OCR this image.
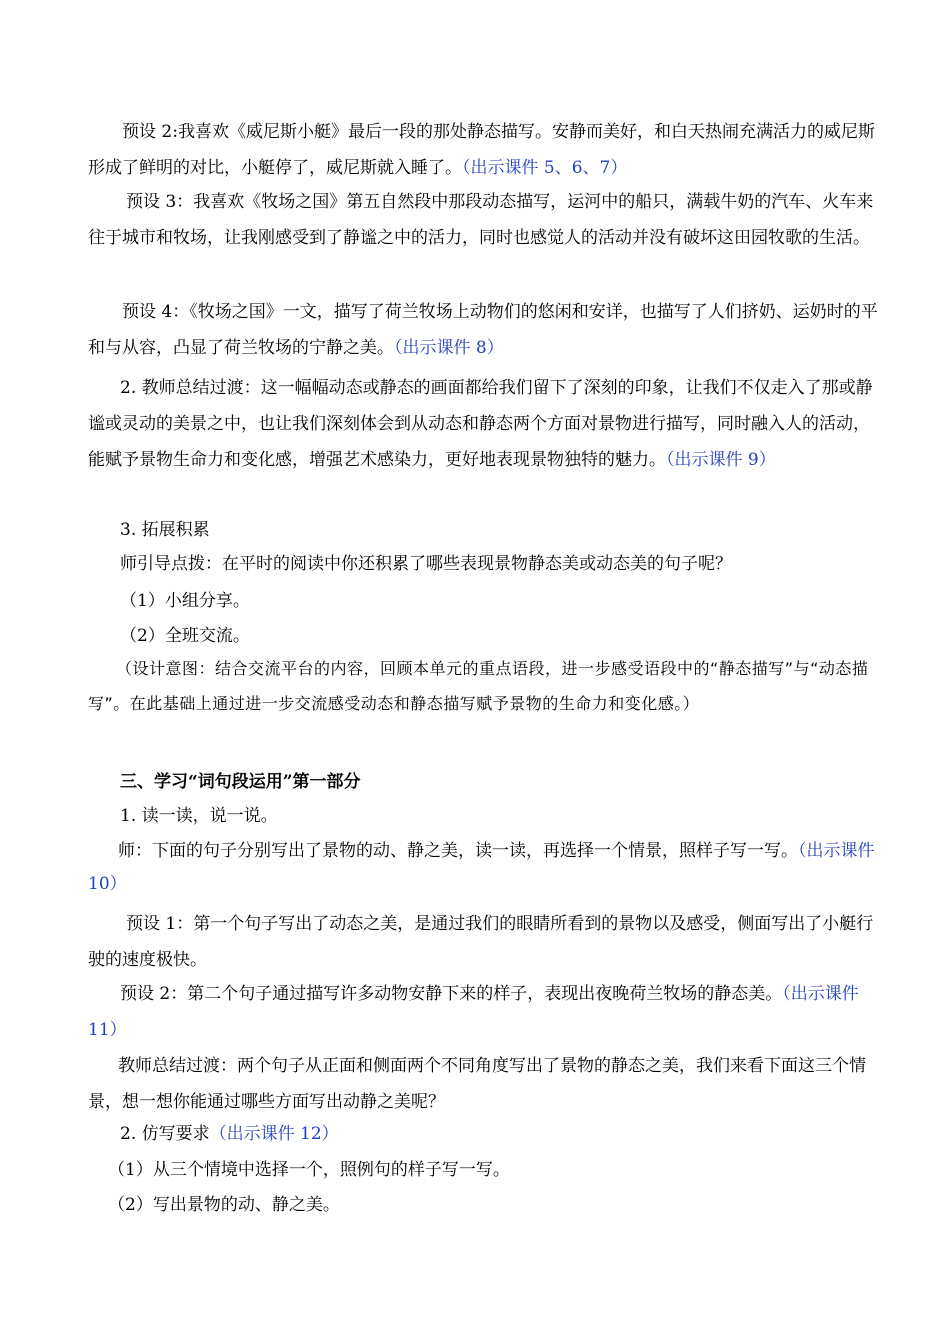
预设 2:我喜欢《威尼斯小艇》最后一段的那处静态描写。安静而美好，和白天热闹充满活力的威尼斯形成了鲜明的对比，小艇停了，威尼斯就入睡了。（出示课件 5、6、7）

预设 3：我喜欢《牧场之国》第五自然段中那段动态描写，运河中的船只，满载牛奶的汽车、火车来往于城市和牧场，让我刚感受到了静谧之中的活力，同时也感觉人的活动并没有破坏这田园牧歌的生活。

预设 4：《牧场之国》一文，描写了荷兰牧场上动物们的悠闲和安详，也描写了人们挤奶、运奶时的平和与从容，凸显了荷兰牧场的宁静之美。（出示课件 8）

2. 教师总结过渡：这一幅幅动态或静态的画面都给我们留下了深刻的印象，让我们不仅走入了那或静谧或灵动的美景之中，也让我们深刻体会到从动态和静态两个方面对景物进行描写，同时融入人的活动，能赋予景物生命力和变化感，增强艺术感染力，更好地表现景物独特的魅力。（出示课件 9）

3. 拓展积累

师引导点拨：在平时的阅读中你还积累了哪些表现景物静态美或动态美的句子呢？

（1）小组分享。

（2）全班交流。

（设计意图：结合交流平台的内容，回顾本单元的重点语段，进一步感受语段中的“静态描写”与“动态描写”。在此基础上通过进一步交流感受动态和静态描写赋予景物的生命力和变化感。）

三、学习“词句段运用”第一部分

1. 读一读，说一说。

师：下面的句子分别写出了景物的动、静之美，读一读，再选择一个情景，照样子写一写。（出示课件 10）

预设 1：第一个句子写出了动态之美，是通过我们的眼睛所看到的景物以及感受，侧面写出了小艇行驶的速度极快。

预设 2：第二个句子通过描写许多动物安静下来的样子，表现出夜晚荷兰牧场的静态美。（出示课件 11）

教师总结过渡：两个句子从正面和侧面两个不同角度写出了景物的静态之美，我们来看下面这三个情景，想一想你能通过哪些方面写出动静之美呢？

2. 仿写要求（出示课件 12）

（1）从三个情境中选择一个，照例句的样子写一写。

（2）写出景物的动、静之美。
